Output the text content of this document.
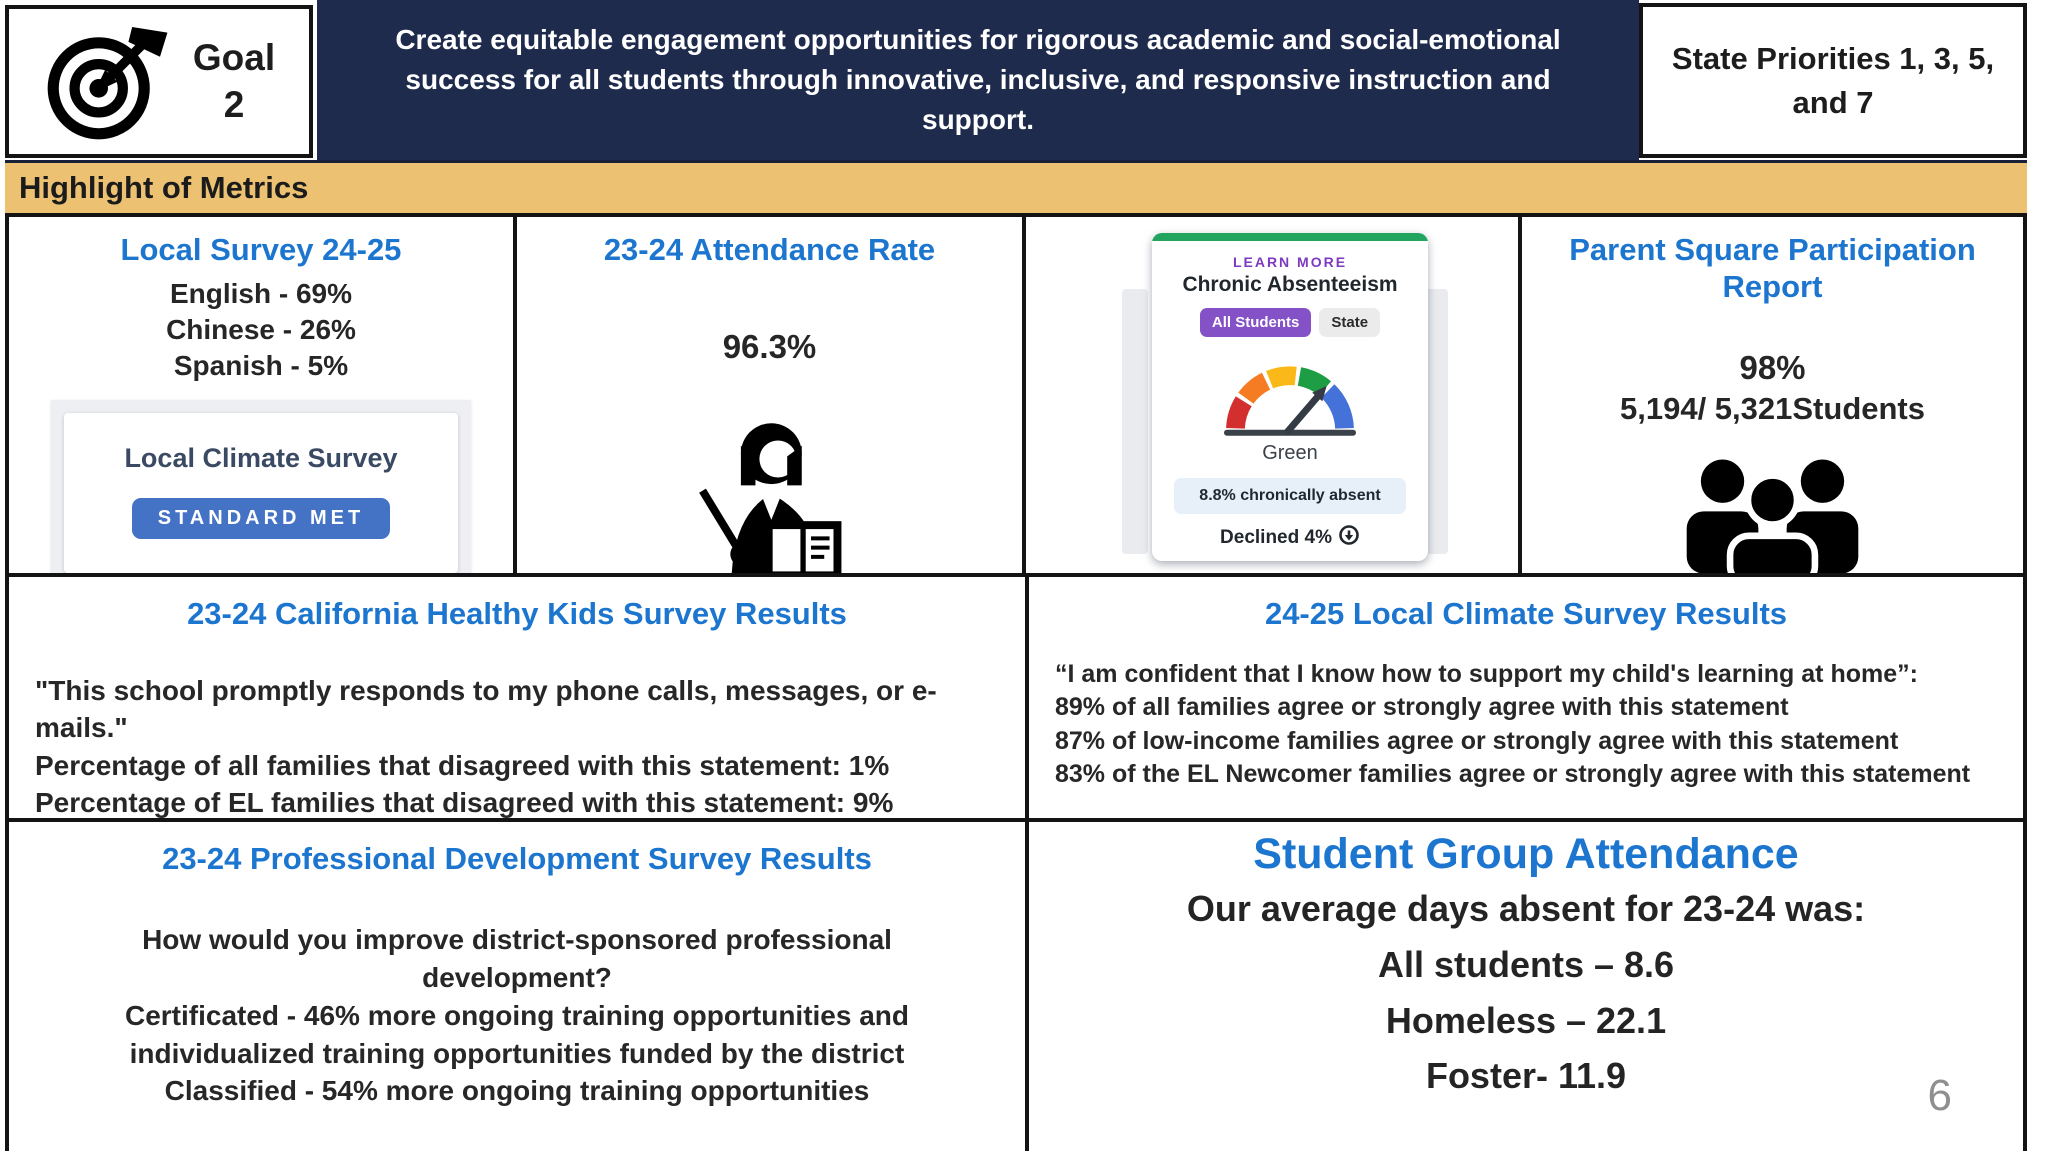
Goal
2
Create equitable engagement opportunities for rigorous academic and social-emotional success for all students through innovative, inclusive, and responsive instruction and support.
State Priorities 1, 3, 5, and 7
Highlight of Metrics
Local Survey 24-25
English - 69%
Chinese - 26%
Spanish - 5%
Local Climate Survey
STANDARD MET
23-24 Attendance Rate
96.3%
LEARN MORE
Chronic Absenteeism
All Students	State
Green
8.8% chronically absent
Declined 4%
Parent Square Participation Report
98%
5,194/ 5,321Students
23-24 California Healthy Kids Survey Results
"This school promptly responds to my phone calls, messages, or e-mails."
Percentage of all families that disagreed with this statement: 1%
Percentage of EL families that disagreed with this statement: 9%
24-25 Local Climate Survey Results
“I am confident that I know how to support my child's learning at home”:
89% of all families agree or strongly agree with this statement
87% of low-income families agree or strongly agree with this statement
83% of the EL Newcomer families agree or strongly agree with this statement
23-24 Professional Development Survey Results
How would you improve district-sponsored professional development?
Certificated - 46% more ongoing training opportunities and individualized training opportunities funded by the district
Classified - 54% more ongoing training opportunities
Student Group Attendance
Our average days absent for 23-24 was:
All students – 8.6
Homeless – 22.1
Foster- 11.9	6
